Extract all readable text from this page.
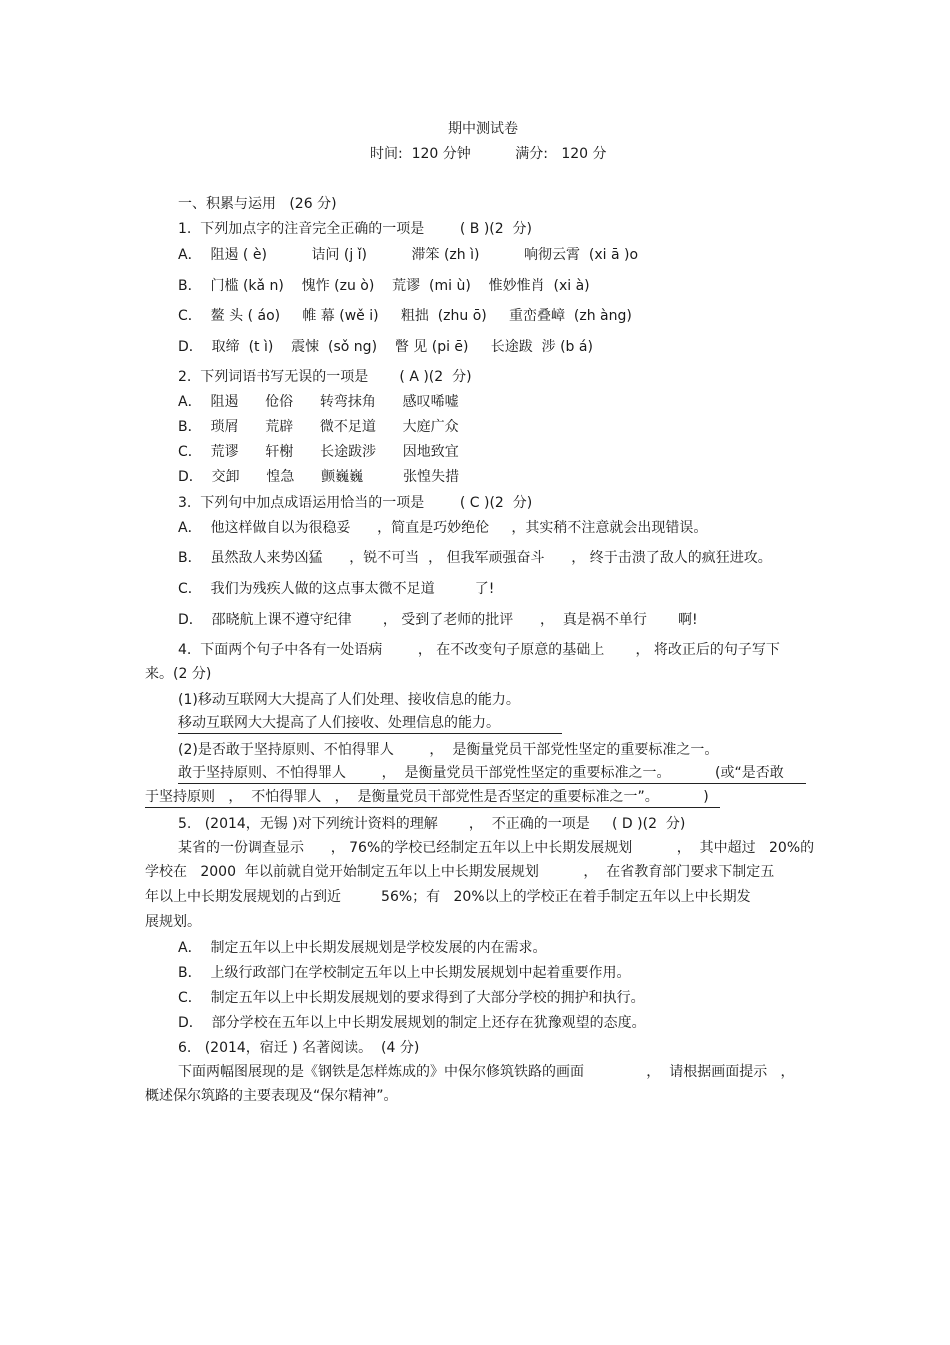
期中测试卷
时间:  120 分钟          满分:   120 分
一、积累与运用   (26 分)
1.  下列加点字的注音完全正确的一项是        ( B )(2  分)
A．  阻遏 ( è)          诘问 (j ǐ)          滞笨 (zh ì)          响彻云霄  (xi ā )o
B．  门槛 (kǎ n)    愧怍 (zu ò)    荒谬  (mi ù)    惟妙惟肖  (xi à)
C．  鳌 头 ( áo)     帷 幕 (wě i)     粗拙  (zhu ō)     重峦叠嶂  (zh àng)
D．  取缔  (t ì)    震悚  (sǒ ng)    瞥 见 (pi ē)     长途跋  涉 (b á)
2.  下列词语书写无误的一项是       ( A )(2  分)
A．  阻遏      伧俗      转弯抹角      感叹唏嘘
B．  琐屑      荒辟      微不足道      大庭广众
C．  荒谬      轩榭      长途跋涉      因地致宜
D．  交卸      惶急      颤巍巍         张惶失措
3.  下列句中加点成语运用恰当的一项是        ( C )(2  分)
A．  他这样做自以为很稳妥      ，简直是巧妙绝伦     ，其实稍不注意就会出现错误。
B．  虽然敌人来势凶猛      ，锐不可当  ， 但我军顽强奋斗      ， 终于击溃了敌人的疯狂进攻。
C．  我们为残疾人做的这点事太微不足道         了!
D．  邵晓航上课不遵守纪律       ， 受到了老师的批评      ，  真是祸不单行       啊!
4.  下面两个句子中各有一处语病        ， 在不改变句子原意的基础上       ， 将改正后的句子写下
来。(2 分)
(1)移动互联网大大提高了人们处理、接收信息的能力。
移动互联网大大提高了人们接收、处理信息的能力。
(2)是否敢于坚持原则、不怕得罪人        ，  是衡量党员干部党性坚定的重要标准之一。
敢于坚持原则、不怕得罪人        ，  是衡量党员干部党性坚定的重要标准之一。          (或“是否敢
于坚持原则   ，  不怕得罪人   ，  是衡量党员干部党性是否坚定的重要标准之一”。          )
5.   (2014，无锡 )对下列统计资料的理解       ，  不正确的一项是     ( D )(2  分)
某省的一份调查显示      ， 76%的学校已经制定五年以上中长期发展规划          ，  其中超过   20%的
学校在   2000  年以前就自觉开始制定五年以上中长期发展规划          ，  在省教育部门要求下制定五
年以上中长期发展规划的占到近         56%；有   20%以上的学校正在着手制定五年以上中长期发
展规划。
A．  制定五年以上中长期发展规划是学校发展的内在需求。
B．  上级行政部门在学校制定五年以上中长期发展规划中起着重要作用。
C．  制定五年以上中长期发展规划的要求得到了大部分学校的拥护和执行。
D．  部分学校在五年以上中长期发展规划的制定上还存在犹豫观望的态度。
6.   (2014，宿迁 ) 名著阅读。  (4 分)
下面两幅图展现的是《钢铁是怎样炼成的》中保尔修筑铁路的画面              ，  请根据画面提示   ，
概述保尔筑路的主要表现及“保尔精神”。
